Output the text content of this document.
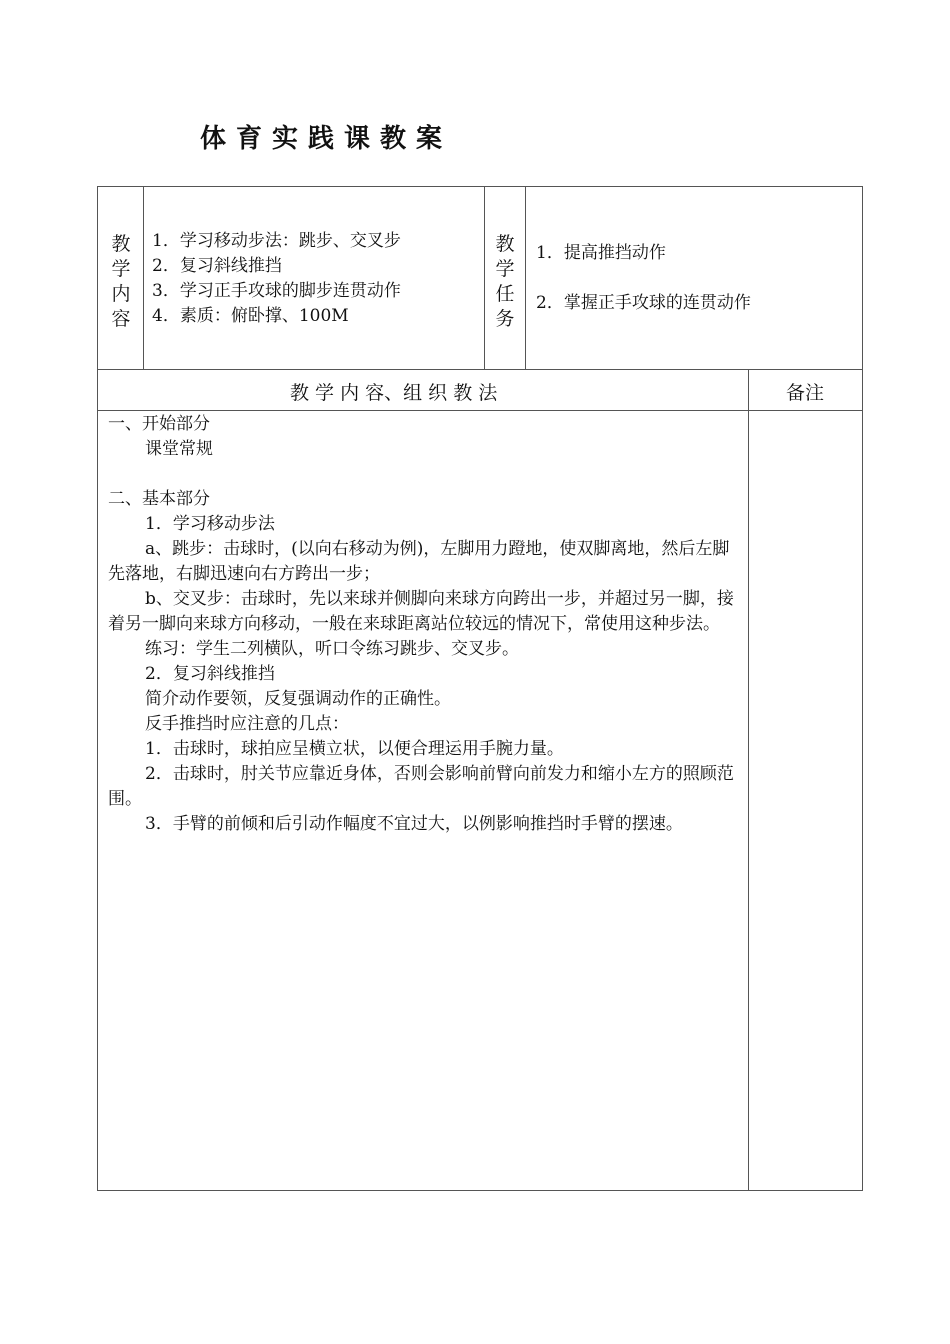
体育实践课教案
教
学
内
容
1．学习移动步法：跳步、交叉步
2．复习斜线推挡
3．学习正手攻球的脚步连贯动作
4．素质：俯卧撑、100M
教
学
任
务
1．提高推挡动作
2．掌握正手攻球的连贯动作
教 学 内 容、组 织 教 法	备注

一、开始部分

课堂常规

二、基本部分

1．学习移动步法

a、跳步：击球时，(以向右移动为例)，左脚用力蹬地，使双脚离地，然后左脚先落地，右脚迅速向右方跨出一步；

b、交叉步：击球时，先以来球并侧脚向来球方向跨出一步，并超过另一脚，接着另一脚向来球方向移动，一般在来球距离站位较远的情况下，常使用这种步法。

练习：学生二列横队，听口令练习跳步、交叉步。

2．复习斜线推挡

简介动作要领，反复强调动作的正确性。

反手推挡时应注意的几点：

1．击球时，球拍应呈横立状，以便合理运用手腕力量。

2．击球时，肘关节应靠近身体，否则会影响前臂向前发力和缩小左方的照顾范围。

3．手臂的前倾和后引动作幅度不宜过大，以例影响推挡时手臂的摆速。
